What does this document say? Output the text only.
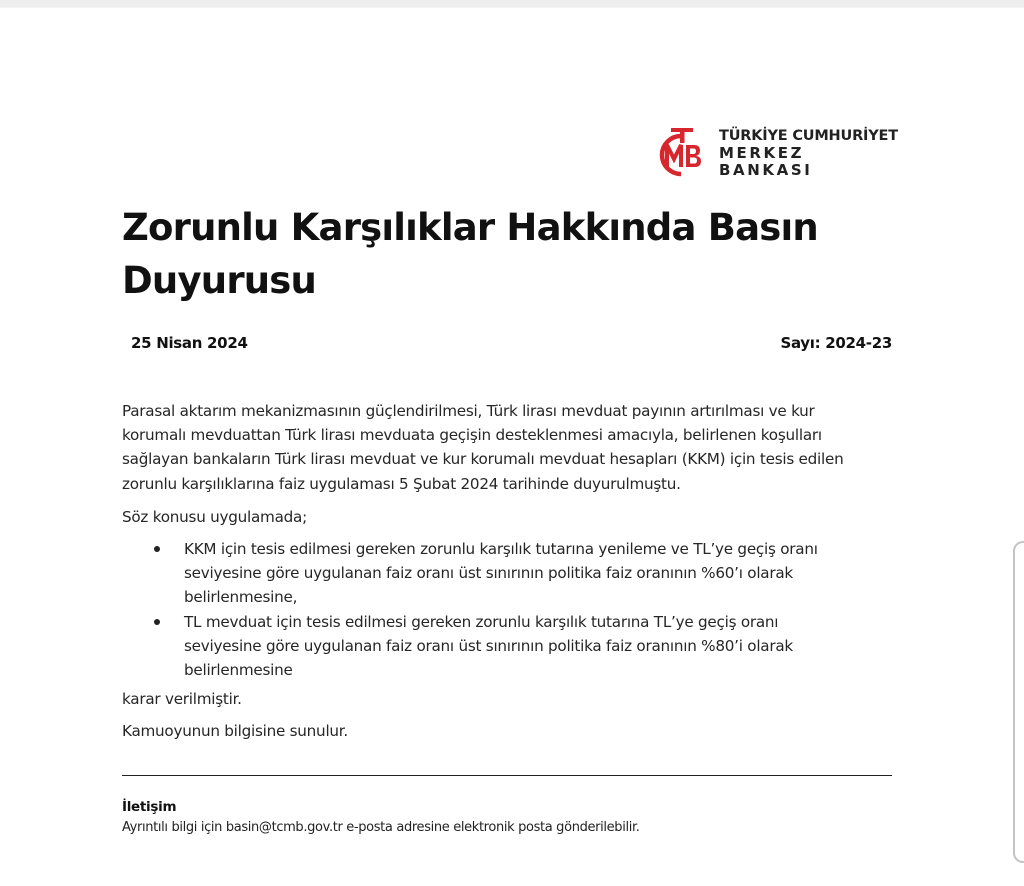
TÜRKİYE CUMHURİYET
MERKEZ BANKASI
Zorunlu Karşılıklar Hakkında Basın Duyurusu
25 Nisan 2024	Sayı: 2024-23

Parasal aktarım mekanizmasının güçlendirilmesi, Türk lirası mevduat payının artırılması ve kur
korumalı mevduattan Türk lirası mevduata geçişin desteklenmesi amacıyla, belirlenen koşulları
sağlayan bankaların Türk lirası mevduat ve kur korumalı mevduat hesapları (KKM) için tesis edilen
zorunlu karşılıklarına faiz uygulaması 5 Şubat 2024 tarihinde duyurulmuştu.

Söz konusu uygulamada;

KKM için tesis edilmesi gereken zorunlu karşılık tutarına yenileme ve TL’ye geçiş oranı
seviyesine göre uygulanan faiz oranı üst sınırının politika faiz oranının %60’ı olarak
belirlenmesine,
TL mevduat için tesis edilmesi gereken zorunlu karşılık tutarına TL’ye geçiş oranı
seviyesine göre uygulanan faiz oranı üst sınırının politika faiz oranının %80’i olarak
belirlenmesine

karar verilmiştir.

Kamuoyunun bilgisine sunulur.

İletişim
Ayrıntılı bilgi için basin@tcmb.gov.tr e-posta adresine elektronik posta gönderilebilir.
